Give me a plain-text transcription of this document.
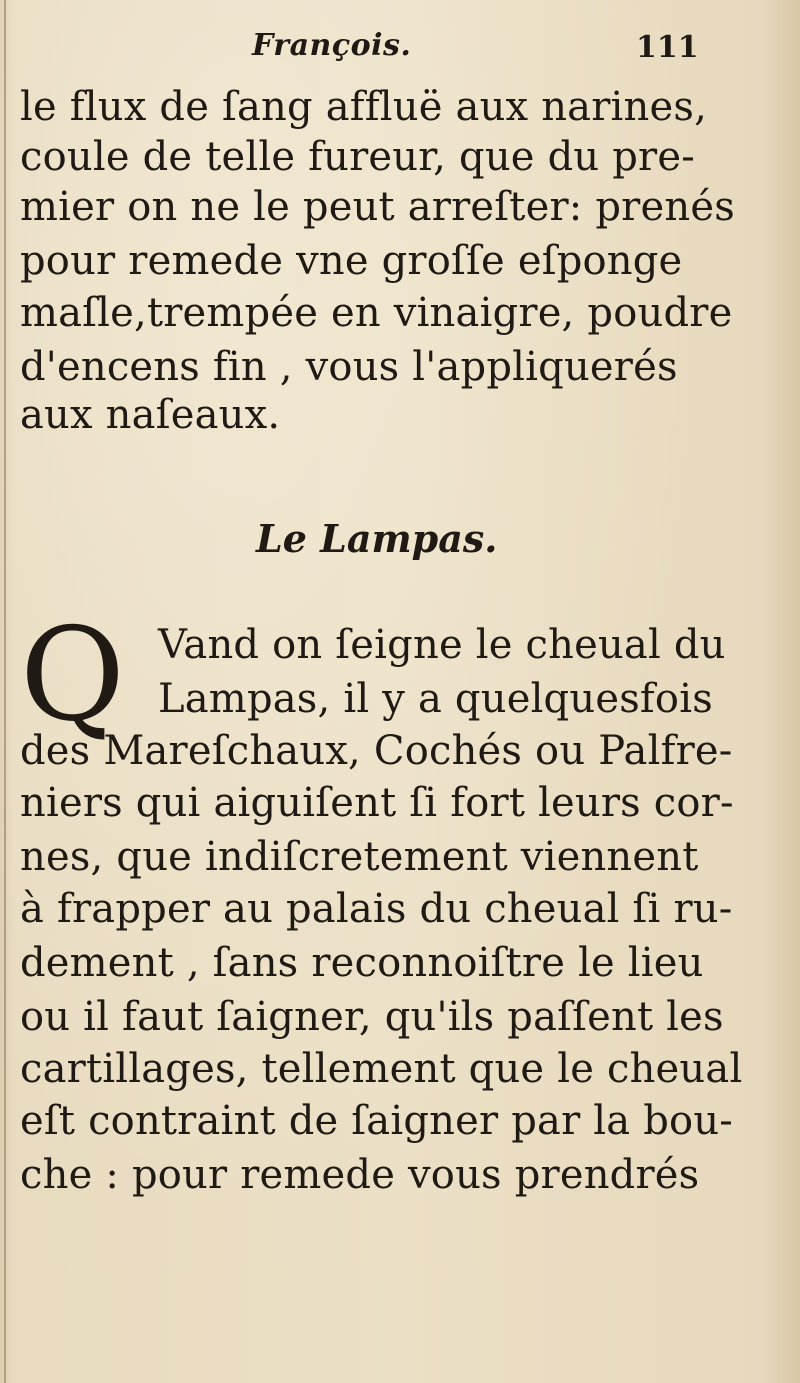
François.	111
le flux de ſang affluë aux narines,
coule de telle fureur, que du pre-
mier on ne le peut arreſter: prenés
pour remede vne groſſe eſponge
maſle,trempée en vinaigre, poudre
d'encens fin , vous l'appliquerés
aux naſeaux.
Le Lampas.
Q Vand on ſeigne le cheual du
Lampas, il y a quelquesfois
des Mareſchaux, Cochés ou Palfre-
niers qui aiguiſent ſi fort leurs cor-
nes, que indiſcretement viennent
à frapper au palais du cheual ſi ru-
dement , ſans reconnoiſtre le lieu
ou il faut ſaigner, qu'ils paſſent les
cartillages, tellement que le cheual
eſt contraint de ſaigner par la bou-
che : pour remede vous prendrés
